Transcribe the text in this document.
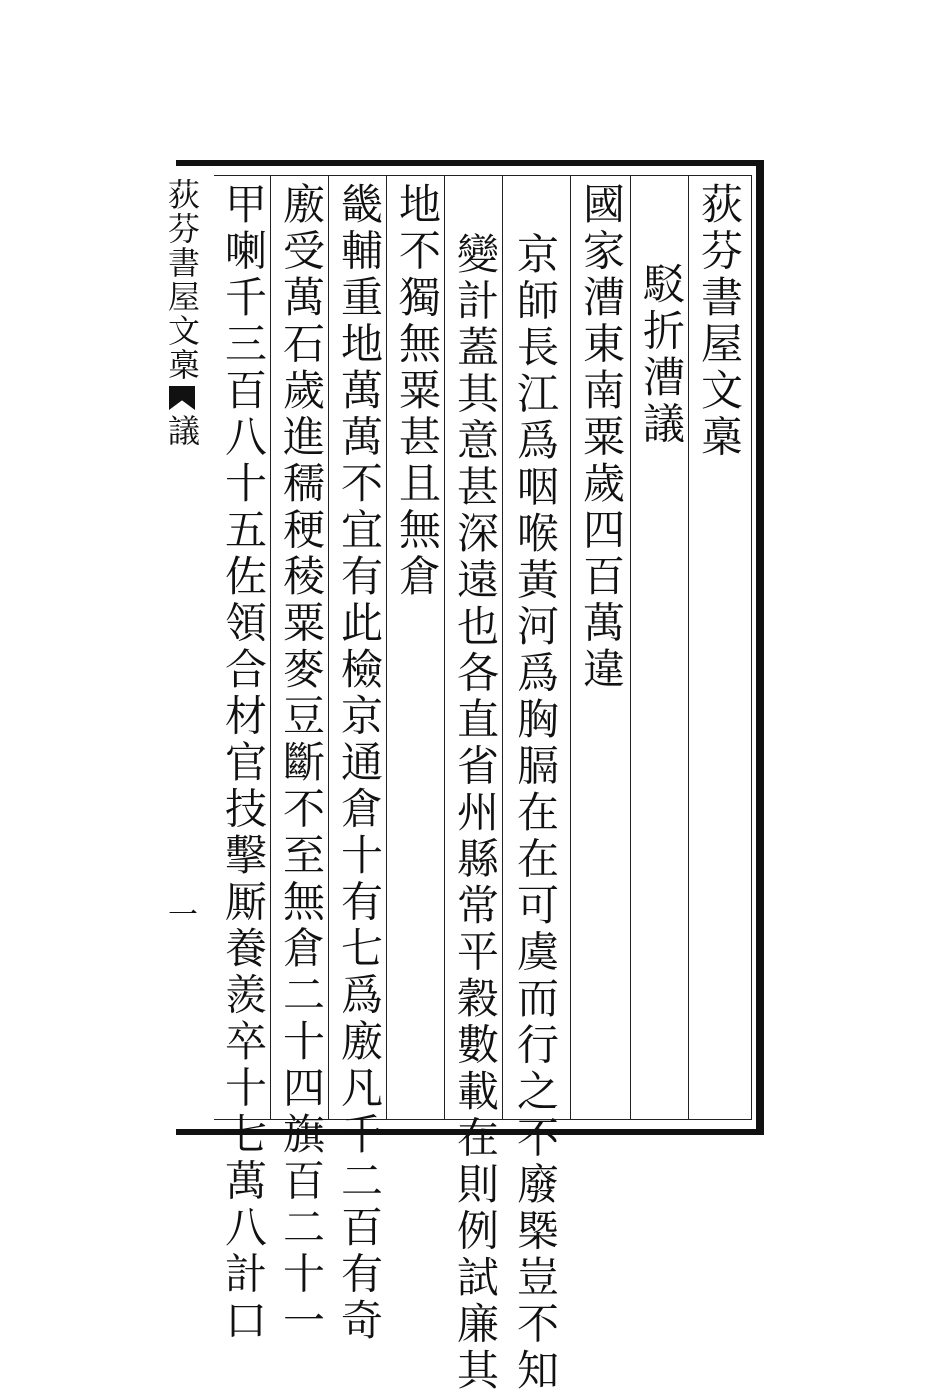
荻芬書屋文槀
駁折漕議
國家漕東南粟歲四百萬違
京師長江爲咽喉黃河爲胸膈在在可虞而行之不廢槩豈不知
變計蓋其意甚深遠也各直省州縣常平穀數載在則例試廉其
地不獨無粟甚且無倉
畿輔重地萬萬不宜有此檢京通倉十有七爲廒凡千二百有奇
廒受萬石歲進穤稉稜粟麥豆斷不至無倉二十四旗百二十一
甲喇千三百八十五佐領合材官技擊厮養羨卒十七萬八計口
荻芬書屋文槀議
一
